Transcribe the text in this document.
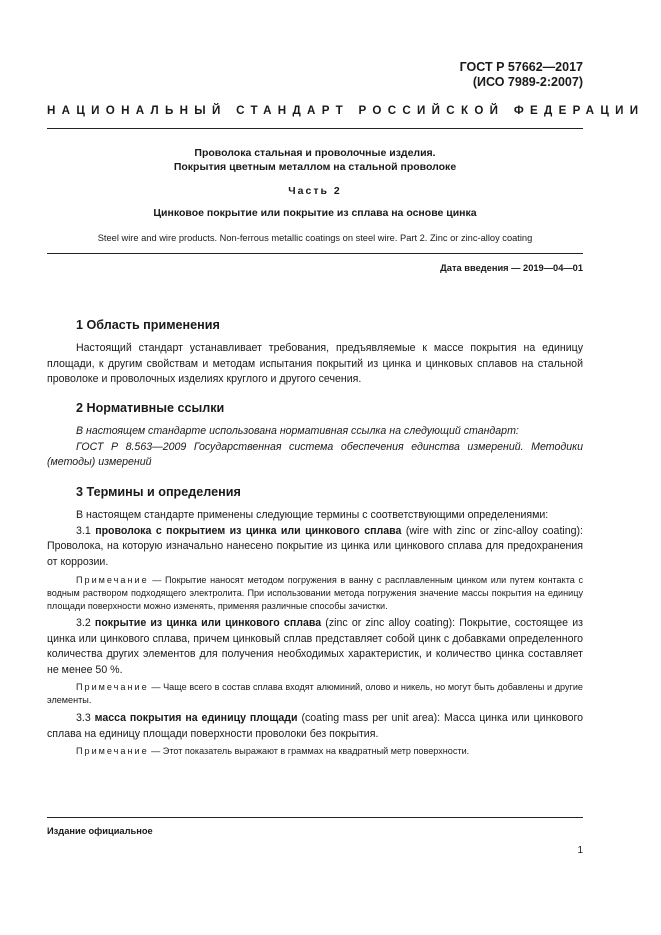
ГОСТ Р 57662—2017
(ИСО 7989-2:2007)
НАЦИОНАЛЬНЫЙ СТАНДАРТ РОССИЙСКОЙ ФЕДЕРАЦИИ
Проволока стальная и проволочные изделия.
Покрытия цветным металлом на стальной проволоке
Часть 2
Цинковое покрытие или покрытие из сплава на основе цинка
Steel wire and wire products. Non-ferrous metallic coatings on steel wire. Part 2. Zinc or zinc-alloy coating
Дата введения — 2019—04—01
1 Область применения

Настоящий стандарт устанавливает требования, предъявляемые к массе покрытия на единицу площади, к другим свойствам и методам испытания покрытий из цинка и цинковых сплавов на стальной проволоке и проволочных изделиях круглого и другого сечения.

2 Нормативные ссылки

В настоящем стандарте использована нормативная ссылка на следующий стандарт:

ГОСТ Р 8.563—2009 Государственная система обеспечения единства измерений. Методики (методы) измерений

3 Термины и определения

В настоящем стандарте применены следующие термины с соответствующими определениями:

3.1 проволока с покрытием из цинка или цинкового сплава (wire with zinc or zinc-alloy coating): Проволока, на которую изначально нанесено покрытие из цинка или цинкового сплава для предохранения от коррозии.

Примечание — Покрытие наносят методом погружения в ванну с расплавленным цинком или путем контакта с водным раствором подходящего электролита. При использовании метода погружения значение массы покрытия на единицу площади поверхности можно изменять, применяя различные способы зачистки.

3.2 покрытие из цинка или цинкового сплава (zinc or zinc alloy coating): Покрытие, состоящее из цинка или цинкового сплава, причем цинковый сплав представляет собой цинк с добавками определенного количества других элементов для получения необходимых характеристик, и количество цинка составляет не менее 50 %.

Примечание — Чаще всего в состав сплава входят алюминий, олово и никель, но могут быть добавлены и другие элементы.

3.3 масса покрытия на единицу площади (coating mass per unit area): Масса цинка или цинкового сплава на единицу площади поверхности проволоки без покрытия.

Примечание — Этот показатель выражают в граммах на квадратный метр поверхности.

Издание официальное
1
